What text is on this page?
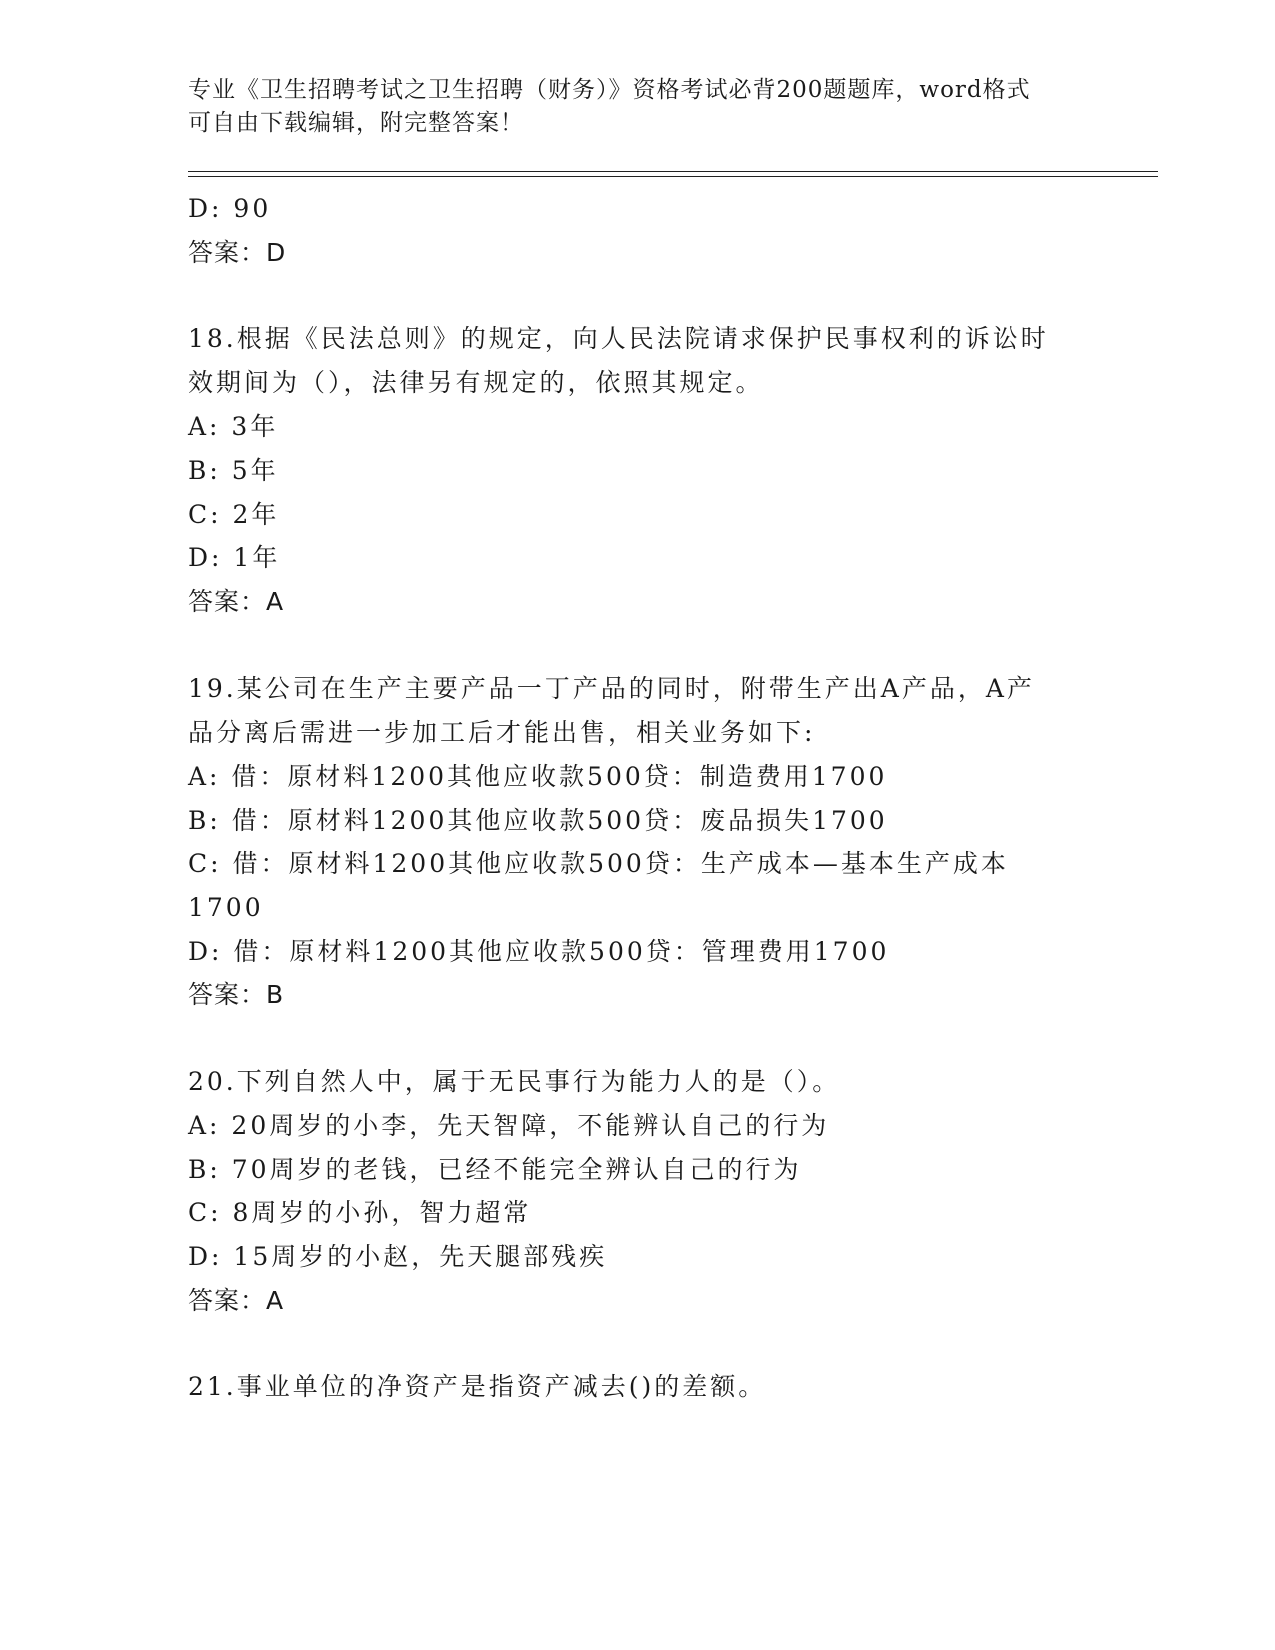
专业《卫生招聘考试之卫生招聘（财务）》资格考试必背200题题库，word格式
可自由下载编辑，附完整答案！
D: 90
答案：D
18.根据《民法总则》的规定，向人民法院请求保护民事权利的诉讼时
效期间为（），法律另有规定的，依照其规定。
A: 3年
B: 5年
C: 2年
D: 1年
答案：A
19.某公司在生产主要产品一丁产品的同时，附带生产出A产品，A产
品分离后需进一步加工后才能出售，相关业务如下:
A: 借：原材料1200其他应收款500贷：制造费用1700
B: 借：原材料1200其他应收款500贷：废品损失1700
C: 借：原材料1200其他应收款500贷：生产成本—基本生产成本
1700
D: 借：原材料1200其他应收款500贷：管理费用1700
答案：B
20.下列自然人中，属于无民事行为能力人的是（）。
A: 20周岁的小李，先天智障，不能辨认自己的行为
B: 70周岁的老钱，已经不能完全辨认自己的行为
C: 8周岁的小孙，智力超常
D: 15周岁的小赵，先天腿部残疾
答案：A
21.事业单位的净资产是指资产减去()的差额。
